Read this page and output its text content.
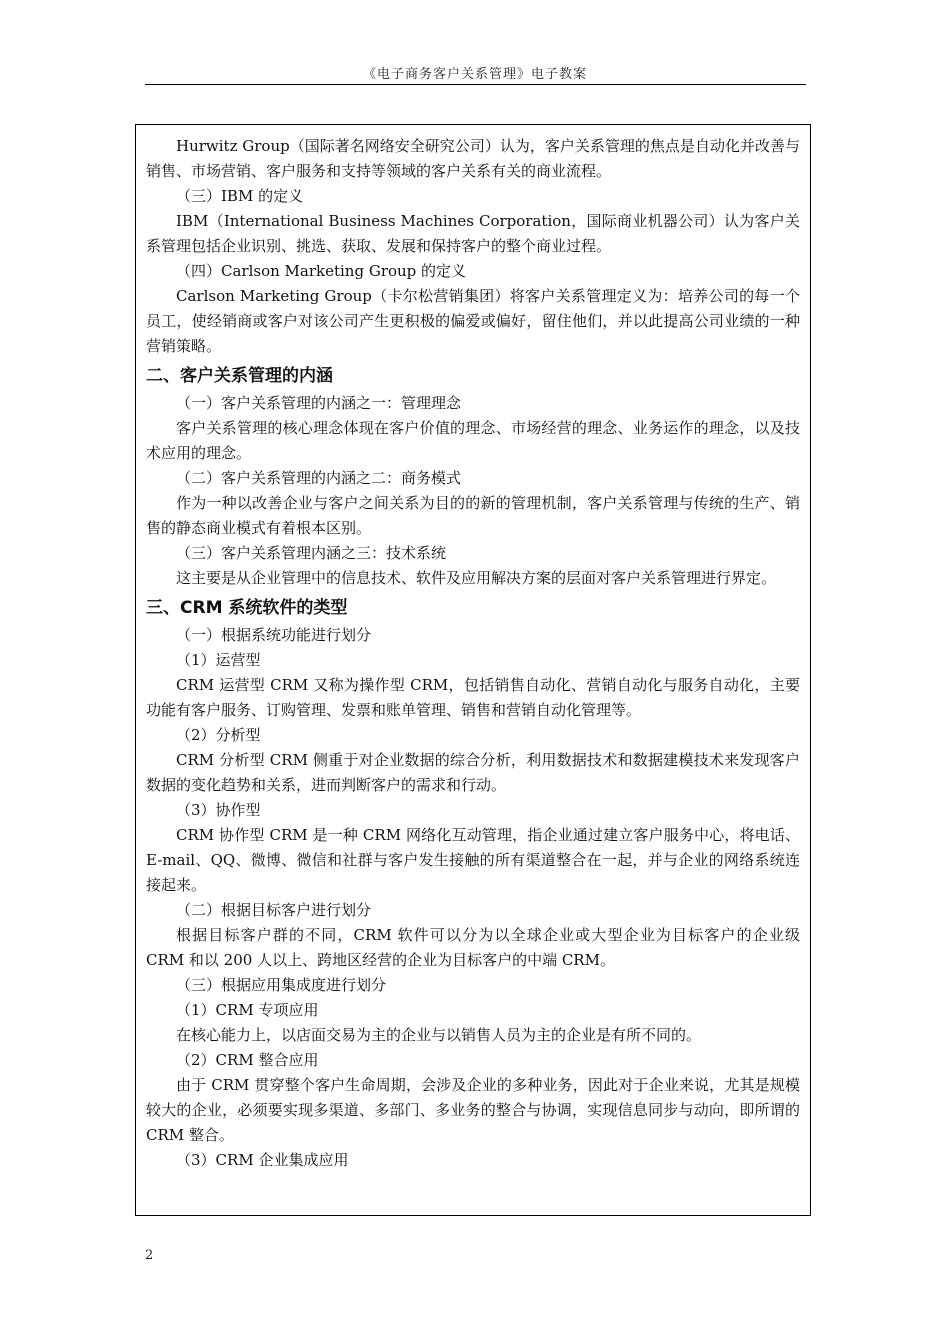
《电子商务客户关系管理》电子教案

Hurwitz Group（国际著名网络安全研究公司）认为，客户关系管理的焦点是自动化并改善与销售、市场营销、客户服务和支持等领域的客户关系有关的商业流程。

（三）IBM 的定义

IBM（International Business Machines Corporation，国际商业机器公司）认为客户关系管理包括企业识别、挑选、获取、发展和保持客户的整个商业过程。

（四）Carlson Marketing Group 的定义

Carlson Marketing Group（卡尔松营销集团）将客户关系管理定义为：培养公司的每一个员工，使经销商或客户对该公司产生更积极的偏爱或偏好，留住他们，并以此提高公司业绩的一种营销策略。

二、客户关系管理的内涵

（一）客户关系管理的内涵之一：管理理念

客户关系管理的核心理念体现在客户价值的理念、市场经营的理念、业务运作的理念，以及技术应用的理念。

（二）客户关系管理的内涵之二：商务模式

作为一种以改善企业与客户之间关系为目的的新的管理机制，客户关系管理与传统的生产、销售的静态商业模式有着根本区别。

（三）客户关系管理内涵之三：技术系统

这主要是从企业管理中的信息技术、软件及应用解决方案的层面对客户关系管理进行界定。

三、CRM 系统软件的类型

（一）根据系统功能进行划分

（1）运营型

CRM 运营型 CRM 又称为操作型 CRM，包括销售自动化、营销自动化与服务自动化，主要功能有客户服务、订购管理、发票和账单管理、销售和营销自动化管理等。

（2）分析型

CRM 分析型 CRM 侧重于对企业数据的综合分析，利用数据技术和数据建模技术来发现客户数据的变化趋势和关系，进而判断客户的需求和行动。

（3）协作型

CRM 协作型 CRM 是一种 CRM 网络化互动管理，指企业通过建立客户服务中心，将电话、E-mail、QQ、微博、微信和社群与客户发生接触的所有渠道整合在一起，并与企业的网络系统连接起来。

（二）根据目标客户进行划分

根据目标客户群的不同，CRM 软件可以分为以全球企业或大型企业为目标客户的企业级 CRM 和以 200 人以上、跨地区经营的企业为目标客户的中端 CRM。

（三）根据应用集成度进行划分

（1）CRM 专项应用

在核心能力上，以店面交易为主的企业与以销售人员为主的企业是有所不同的。

（2）CRM 整合应用

由于 CRM 贯穿整个客户生命周期，会涉及企业的多种业务，因此对于企业来说，尤其是规模较大的企业，必须要实现多渠道、多部门、多业务的整合与协调，实现信息同步与动向，即所谓的 CRM 整合。

（3）CRM 企业集成应用

2
